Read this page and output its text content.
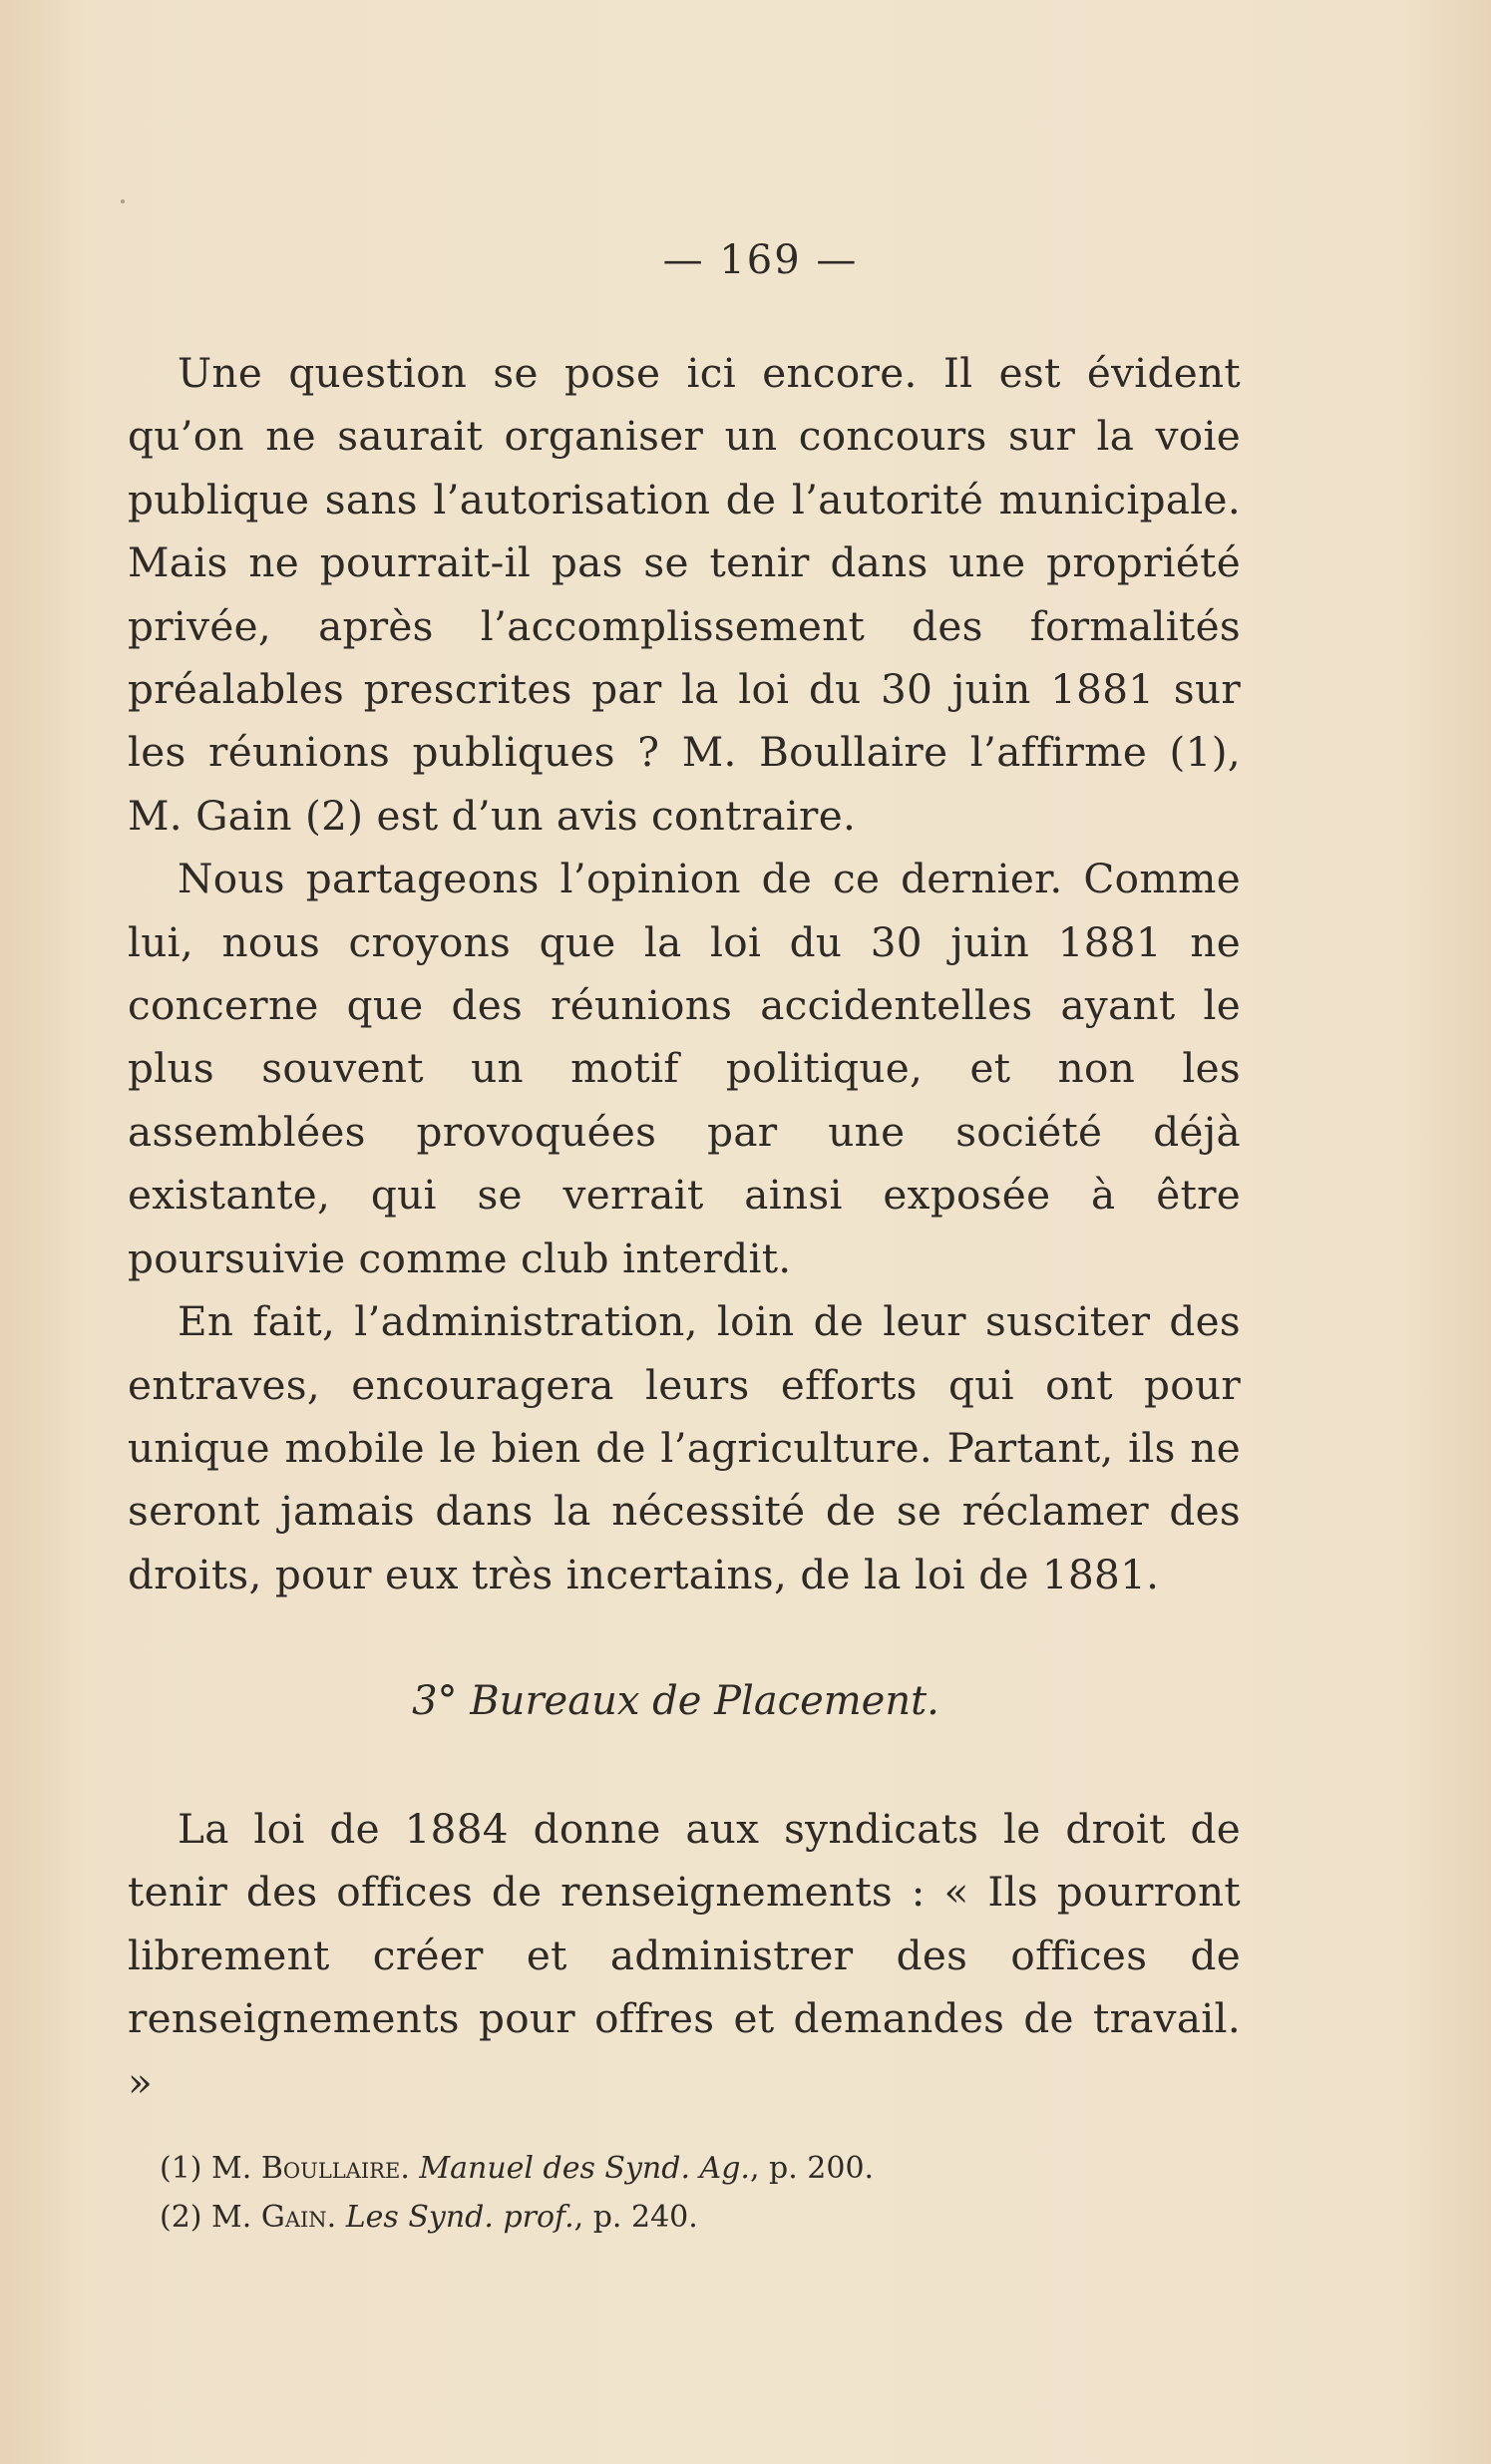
— 169 —

Une question se pose ici encore. Il est évident qu’on ne saurait organiser un concours sur la voie publique sans l’autorisation de l’autorité municipale. Mais ne pourrait-il pas se tenir dans une propriété privée, après l’accomplissement des formalités préalables prescrites par la loi du 30 juin 1881 sur les réunions publiques ? M. Boullaire l’affirme (1), M. Gain (2) est d’un avis contraire.

Nous partageons l’opinion de ce dernier. Comme lui, nous croyons que la loi du 30 juin 1881 ne concerne que des réunions accidentelles ayant le plus souvent un motif politique, et non les assemblées provoquées par une société déjà existante, qui se verrait ainsi exposée à être poursuivie comme club interdit.

En fait, l’administration, loin de leur susciter des entraves, encouragera leurs efforts qui ont pour unique mobile le bien de l’agriculture. Partant, ils ne seront jamais dans la nécessité de se réclamer des droits, pour eux très incertains, de la loi de 1881.

3° Bureaux de Placement.

La loi de 1884 donne aux syndicats le droit de tenir des offices de renseignements : « Ils pourront librement créer et administrer des offices de renseignements pour offres et demandes de travail. »

(1) M. Boullaire. Manuel des Synd. Ag., p. 200.
(2) M. Gain. Les Synd. prof., p. 240.
